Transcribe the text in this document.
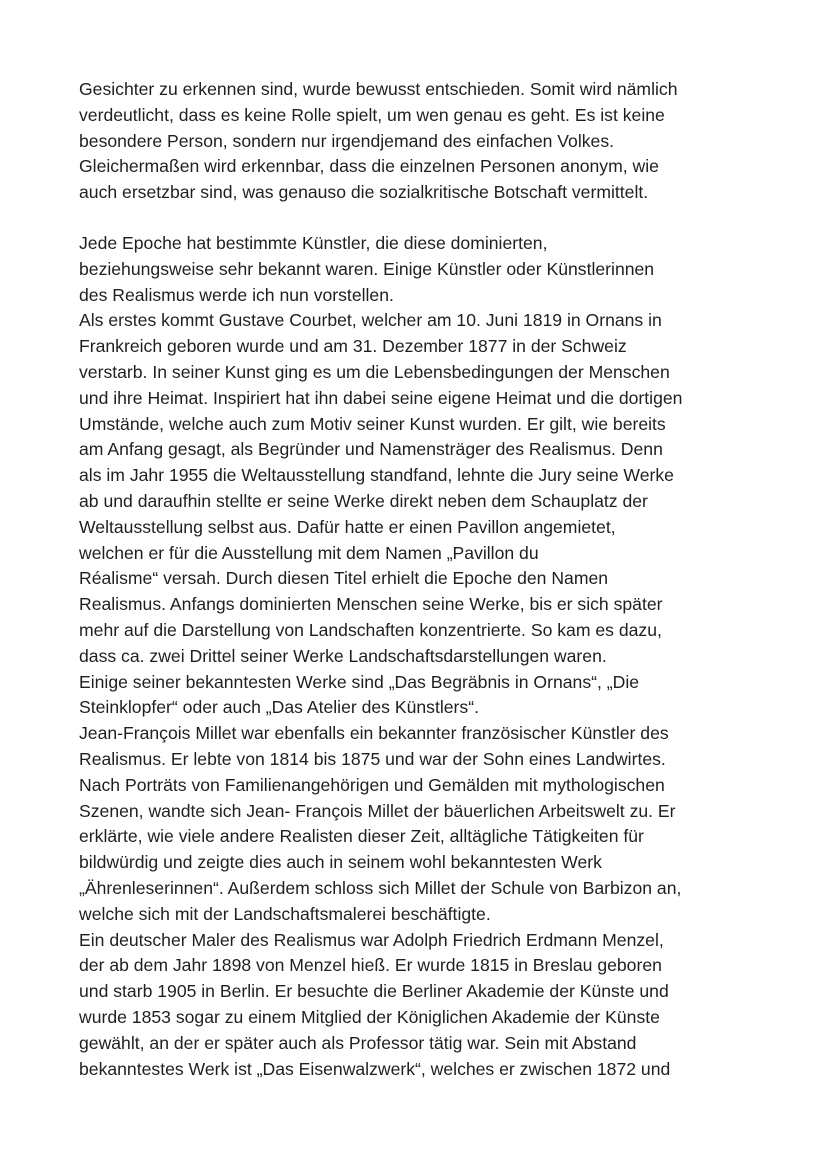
Gesichter zu erkennen sind, wurde bewusst entschieden. Somit wird nämlich
verdeutlicht, dass es keine Rolle spielt, um wen genau es geht. Es ist keine
besondere Person, sondern nur irgendjemand des einfachen Volkes.
Gleichermaßen wird erkennbar, dass die einzelnen Personen anonym, wie
auch ersetzbar sind, was genauso die sozialkritische Botschaft vermittelt.
Jede Epoche hat bestimmte Künstler, die diese dominierten,
beziehungsweise sehr bekannt waren. Einige Künstler oder Künstlerinnen
des Realismus werde ich nun vorstellen.
Als erstes kommt Gustave Courbet, welcher am 10. Juni 1819 in Ornans in
Frankreich geboren wurde und am 31. Dezember 1877 in der Schweiz
verstarb. In seiner Kunst ging es um die Lebensbedingungen der Menschen
und ihre Heimat. Inspiriert hat ihn dabei seine eigene Heimat und die dortigen
Umstände, welche auch zum Motiv seiner Kunst wurden. Er gilt, wie bereits
am Anfang gesagt, als Begründer und Namensträger des Realismus. Denn
als im Jahr 1955 die Weltausstellung standfand, lehnte die Jury seine Werke
ab und daraufhin stellte er seine Werke direkt neben dem Schauplatz der
Weltausstellung selbst aus. Dafür hatte er einen Pavillon angemietet,
welchen er für die Ausstellung mit dem Namen „Pavillon du
Réalisme“ versah. Durch diesen Titel erhielt die Epoche den Namen
Realismus. Anfangs dominierten Menschen seine Werke, bis er sich später
mehr auf die Darstellung von Landschaften konzentrierte. So kam es dazu,
dass ca. zwei Drittel seiner Werke Landschaftsdarstellungen waren.
Einige seiner bekanntesten Werke sind „Das Begräbnis in Ornans“, „Die
Steinklopfer“ oder auch „Das Atelier des Künstlers“.
Jean-François Millet war ebenfalls ein bekannter französischer Künstler des
Realismus. Er lebte von 1814 bis 1875 und war der Sohn eines Landwirtes.
Nach Porträts von Familienangehörigen und Gemälden mit mythologischen
Szenen, wandte sich Jean- François Millet der bäuerlichen Arbeitswelt zu. Er
erklärte, wie viele andere Realisten dieser Zeit, alltägliche Tätigkeiten für
bildwürdig und zeigte dies auch in seinem wohl bekanntesten Werk
„Ährenleserinnen“. Außerdem schloss sich Millet der Schule von Barbizon an,
welche sich mit der Landschaftsmalerei beschäftigte.
Ein deutscher Maler des Realismus war Adolph Friedrich Erdmann Menzel,
der ab dem Jahr 1898 von Menzel hieß. Er wurde 1815 in Breslau geboren
und starb 1905 in Berlin. Er besuchte die Berliner Akademie der Künste und
wurde 1853 sogar zu einem Mitglied der Königlichen Akademie der Künste
gewählt, an der er später auch als Professor tätig war. Sein mit Abstand
bekanntestes Werk ist „Das Eisenwalzwerk“, welches er zwischen 1872 und
